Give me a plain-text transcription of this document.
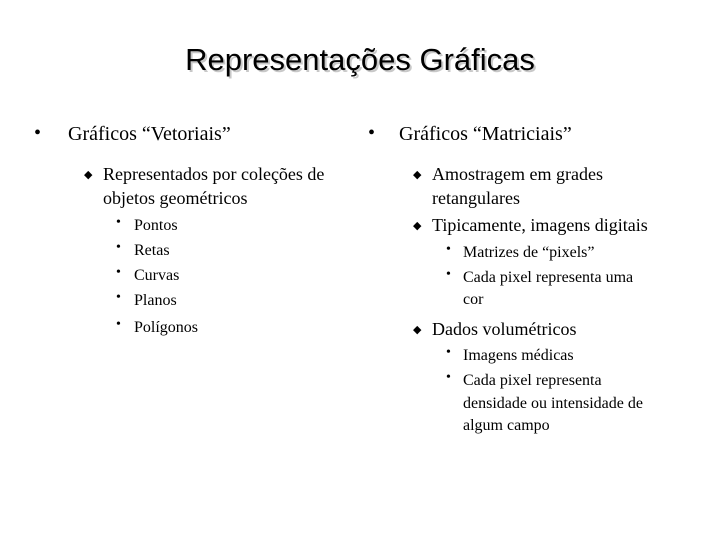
Representações Gráficas
• Gráficos “Vetoriais”
◆ Representados por coleções de
objetos geométricos
• Pontos
• Retas
• Curvas
• Planos
• Polígonos
• Gráficos “Matriciais”
◆ Amostragem em grades
retangulares
◆ Tipicamente, imagens digitais
• Matrizes de “pixels”
• Cada pixel representa uma
cor
◆ Dados volumétricos
• Imagens médicas
• Cada pixel representa
densidade ou intensidade de
algum campo
